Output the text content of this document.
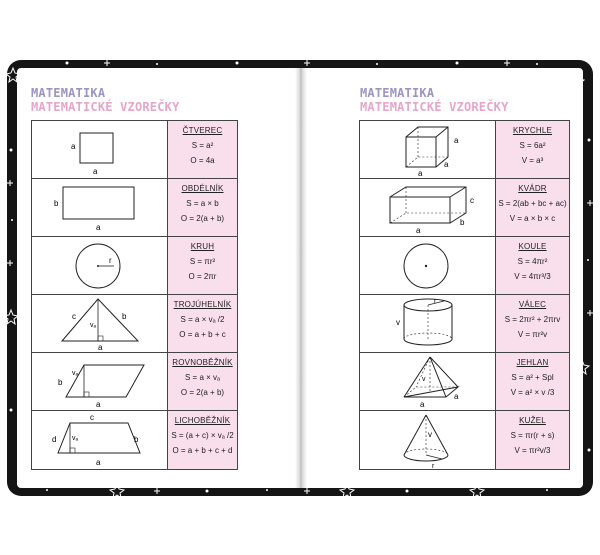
MATEMATIKA
MATEMATICKÉ VZOREČKY
MATEMATIKA
MATEMATICKÉ VZOREČKY
a
a
ČTVEREC
S = a²
O = 4a
b
a
OBDÉLNÍK
S = a × b
O = 2(a + b)
r
KRUH
S = πr²
O = 2πr
c
vₐ
b
a
TROJÚHELNÍK
S = a × vₐ /2
O = a + b + c
b
vₐ
a
ROVNOBĚŽNÍK
S = a × vₐ
O = 2(a + b)
c
d vₐ	b
a
LICHOBĚŽNÍK
S = (a + c) × vₐ /2
O = a + b + c + d
a
a
a
KRYCHLE
S = 6a²
V = a³
c
a
b
KVÁDR
S = 2(ab + bc + ac)
V = a × b × c
KOULE
S = 4πr²
V = 4πr³/3
r
v
VÁLEC
S = 2πr² + 2πrv
V = πr²v
v
a
a
JEHLAN
S = a² + Spl
V = a² × v /3
v
r
KUŽEL
S = πr(r + s)
V = πr²v/3
